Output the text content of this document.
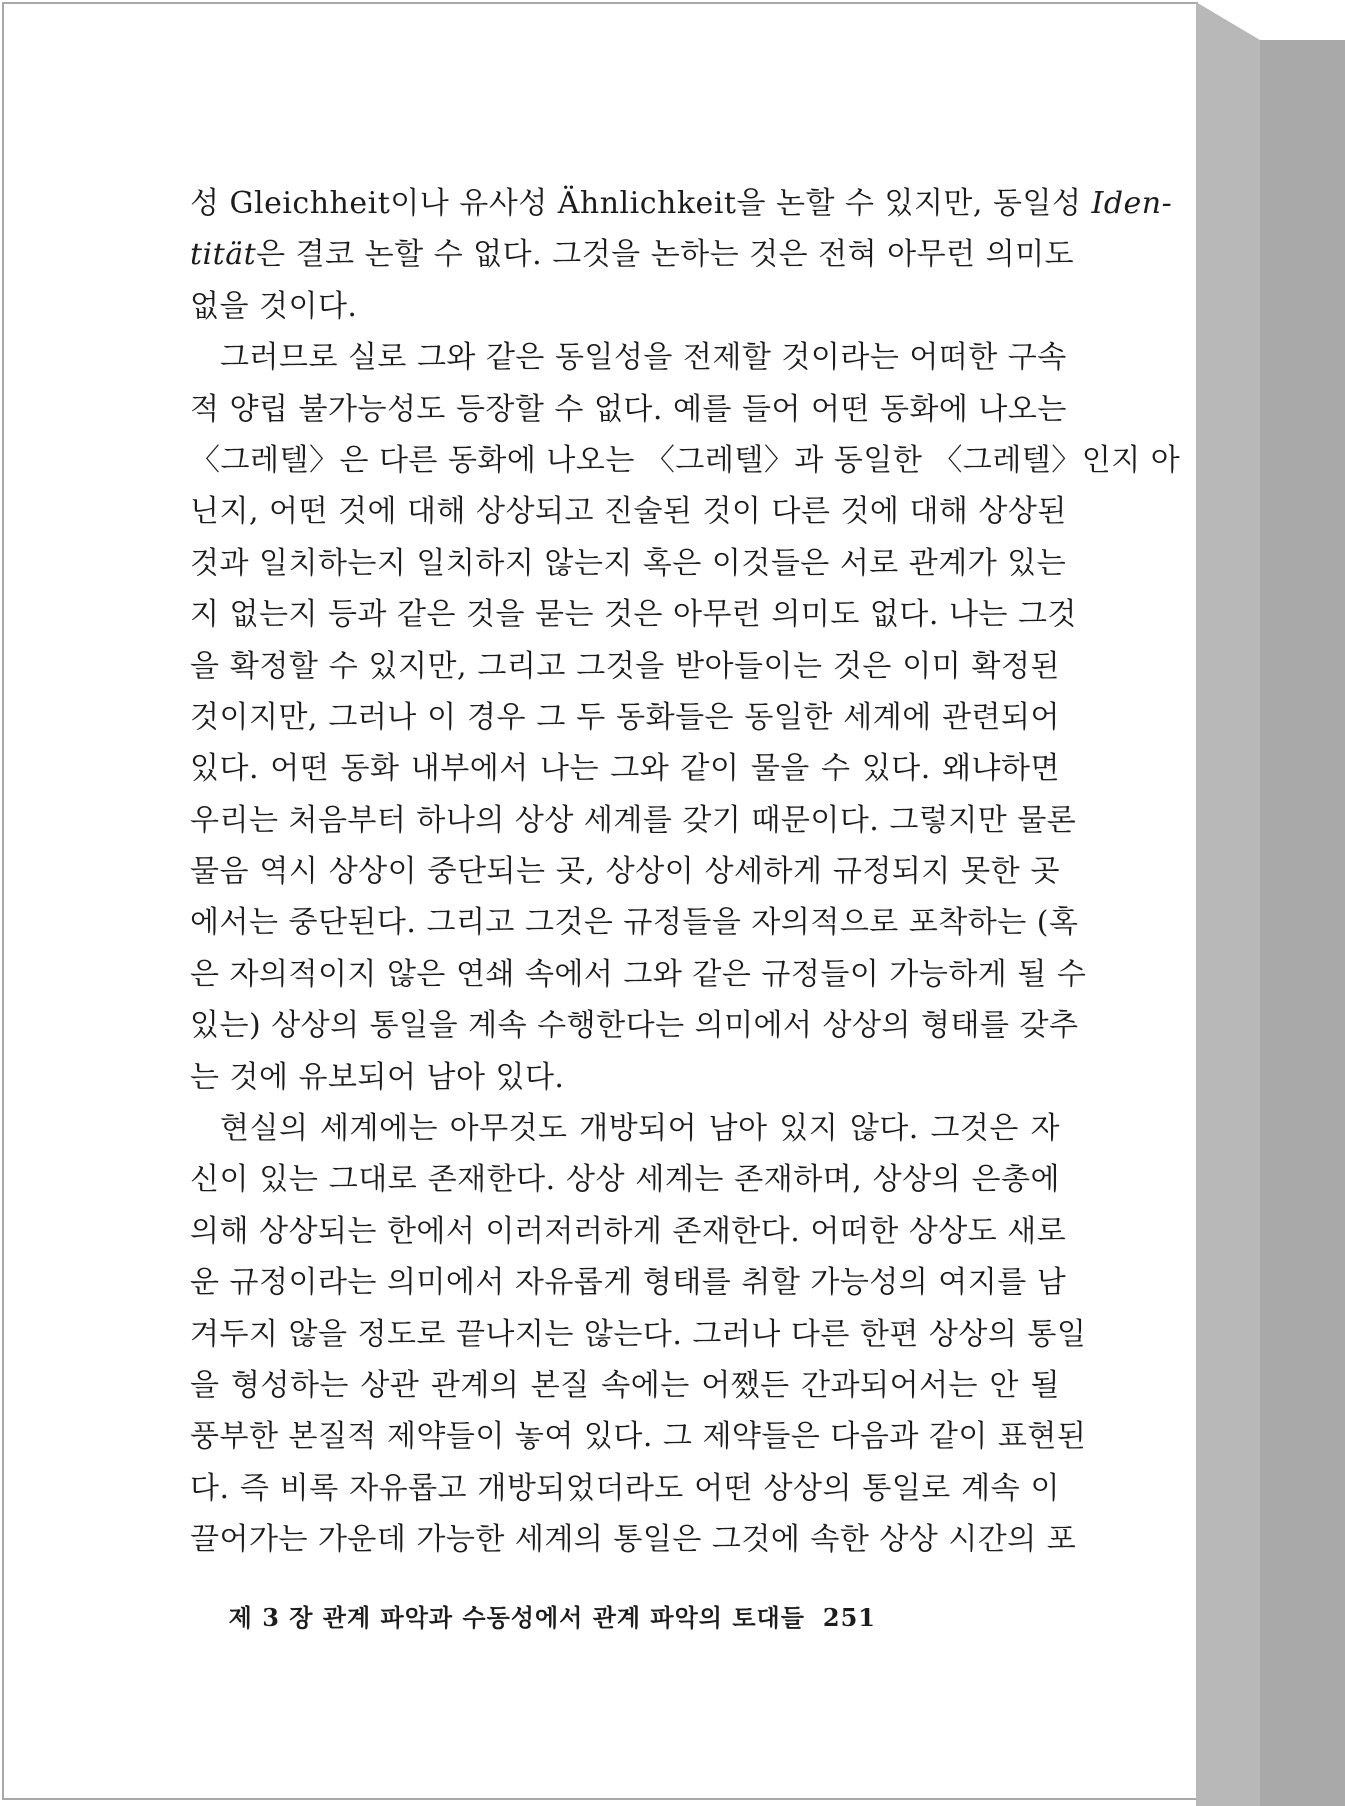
성 Gleichheit이나 유사성 Ähnlichkeit을 논할 수 있지만, 동일성 Iden-
tität은 결코 논할 수 없다. 그것을 논하는 것은 전혀 아무런 의미도
없을 것이다.
그러므로 실로 그와 같은 동일성을 전제할 것이라는 어떠한 구속
적 양립 불가능성도 등장할 수 없다. 예를 들어 어떤 동화에 나오는
〈그레텔〉은 다른 동화에 나오는 〈그레텔〉과 동일한 〈그레텔〉인지 아
닌지, 어떤 것에 대해 상상되고 진술된 것이 다른 것에 대해 상상된
것과 일치하는지 일치하지 않는지 혹은 이것들은 서로 관계가 있는
지 없는지 등과 같은 것을 묻는 것은 아무런 의미도 없다. 나는 그것
을 확정할 수 있지만, 그리고 그것을 받아들이는 것은 이미 확정된
것이지만, 그러나 이 경우 그 두 동화들은 동일한 세계에 관련되어
있다. 어떤 동화 내부에서 나는 그와 같이 물을 수 있다. 왜냐하면
우리는 처음부터 하나의 상상 세계를 갖기 때문이다. 그렇지만 물론
물음 역시 상상이 중단되는 곳, 상상이 상세하게 규정되지 못한 곳
에서는 중단된다. 그리고 그것은 규정들을 자의적으로 포착하는 (혹
은 자의적이지 않은 연쇄 속에서 그와 같은 규정들이 가능하게 될 수
있는) 상상의 통일을 계속 수행한다는 의미에서 상상의 형태를 갖추
는 것에 유보되어 남아 있다.
현실의 세계에는 아무것도 개방되어 남아 있지 않다. 그것은 자
신이 있는 그대로 존재한다. 상상 세계는 존재하며, 상상의 은총에
의해 상상되는 한에서 이러저러하게 존재한다. 어떠한 상상도 새로
운 규정이라는 의미에서 자유롭게 형태를 취할 가능성의 여지를 남
겨두지 않을 정도로 끝나지는 않는다. 그러나 다른 한편 상상의 통일
을 형성하는 상관 관계의 본질 속에는 어쨌든 간과되어서는 안 될
풍부한 본질적 제약들이 놓여 있다. 그 제약들은 다음과 같이 표현된
다. 즉 비록 자유롭고 개방되었더라도 어떤 상상의 통일로 계속 이
끌어가는 가운데 가능한 세계의 통일은 그것에 속한 상상 시간의 포
제 3 장 관계 파악과 수동성에서 관계 파악의 토대들 251
